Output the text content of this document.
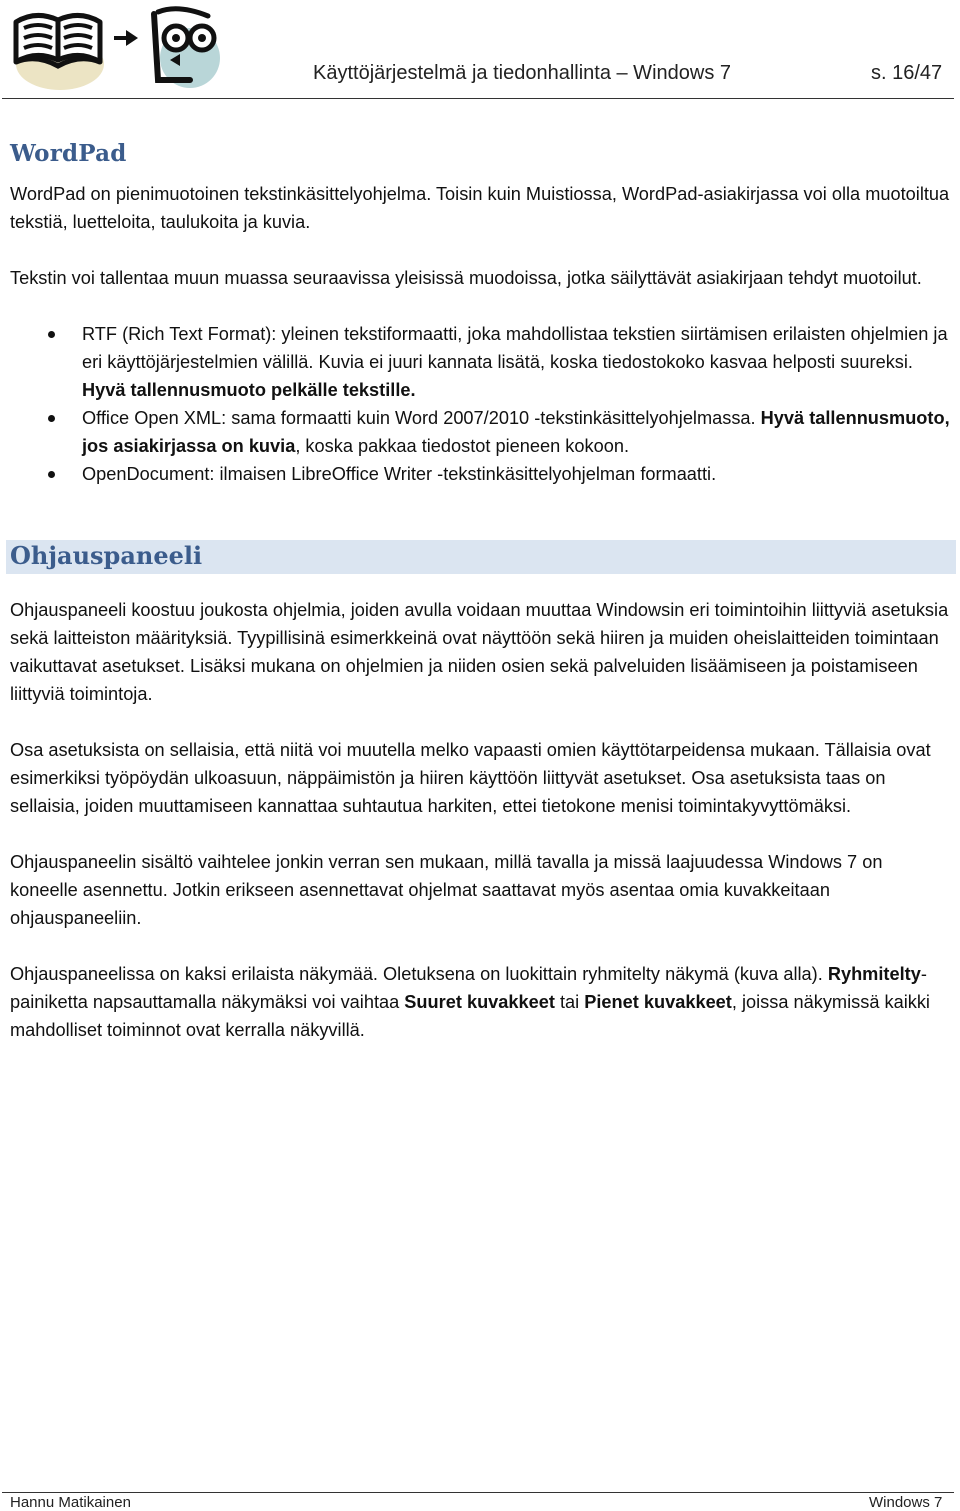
Käyttöjärjestelmä ja tiedonhallinta – Windows 7	s. 16/47
WordPad

WordPad on pienimuotoinen tekstinkäsittelyohjelma. Toisin kuin Muistiossa, WordPad-asiakirjassa voi olla muotoiltua tekstiä, luetteloita, taulukoita ja kuvia.

Tekstin voi tallentaa muun muassa seuraavissa yleisissä muodoissa, jotka säilyttävät asiakirjaan tehdyt muotoilut.

RTF (Rich Text Format): yleinen tekstiformaatti, joka mahdollistaa tekstien siirtämisen erilaisten ohjelmien ja eri käyttöjärjestelmien välillä. Kuvia ei juuri kannata lisätä, koska tiedostokoko kasvaa helposti suureksi. Hyvä tallennusmuoto pelkälle tekstille.
Office Open XML: sama formaatti kuin Word 2007/2010 -tekstinkäsittelyohjelmassa. Hyvä tallennusmuoto, jos asiakirjassa on kuvia, koska pakkaa tiedostot pieneen kokoon.
OpenDocument: ilmaisen LibreOffice Writer -tekstinkäsittelyohjelman formaatti.
Ohjauspaneeli

Ohjauspaneeli koostuu joukosta ohjelmia, joiden avulla voidaan muuttaa Windowsin eri toimintoihin liittyviä asetuksia sekä laitteiston määrityksiä. Tyypillisinä esimerkkeinä ovat näyttöön sekä hiiren ja muiden oheislaitteiden toimintaan vaikuttavat asetukset. Lisäksi mukana on ohjelmien ja niiden osien sekä palveluiden lisäämiseen ja poistamiseen liittyviä toimintoja.

Osa asetuksista on sellaisia, että niitä voi muutella melko vapaasti omien käyttötarpeidensa mukaan. Tällaisia ovat esimerkiksi työpöydän ulkoasuun, näppäimistön ja hiiren käyttöön liittyvät asetukset. Osa asetuksista taas on sellaisia, joiden muuttamiseen kannattaa suhtautua harkiten, ettei tietokone menisi toimintakyvyttömäksi.

Ohjauspaneelin sisältö vaihtelee jonkin verran sen mukaan, millä tavalla ja missä laajuudessa Windows 7 on koneelle asennettu. Jotkin erikseen asennettavat ohjelmat saattavat myös asentaa omia kuvakkeitaan ohjauspaneeliin.

Ohjauspaneelissa on kaksi erilaista näkymää. Oletuksena on luokittain ryhmitelty näkymä (kuva alla). Ryhmitelty-painiketta napsauttamalla näkymäksi voi vaihtaa Suuret kuvakkeet tai Pienet kuvakkeet, joissa näkymissä kaikki mahdolliset toiminnot ovat kerralla näkyvillä.

Hannu Matikainen	Windows 7
